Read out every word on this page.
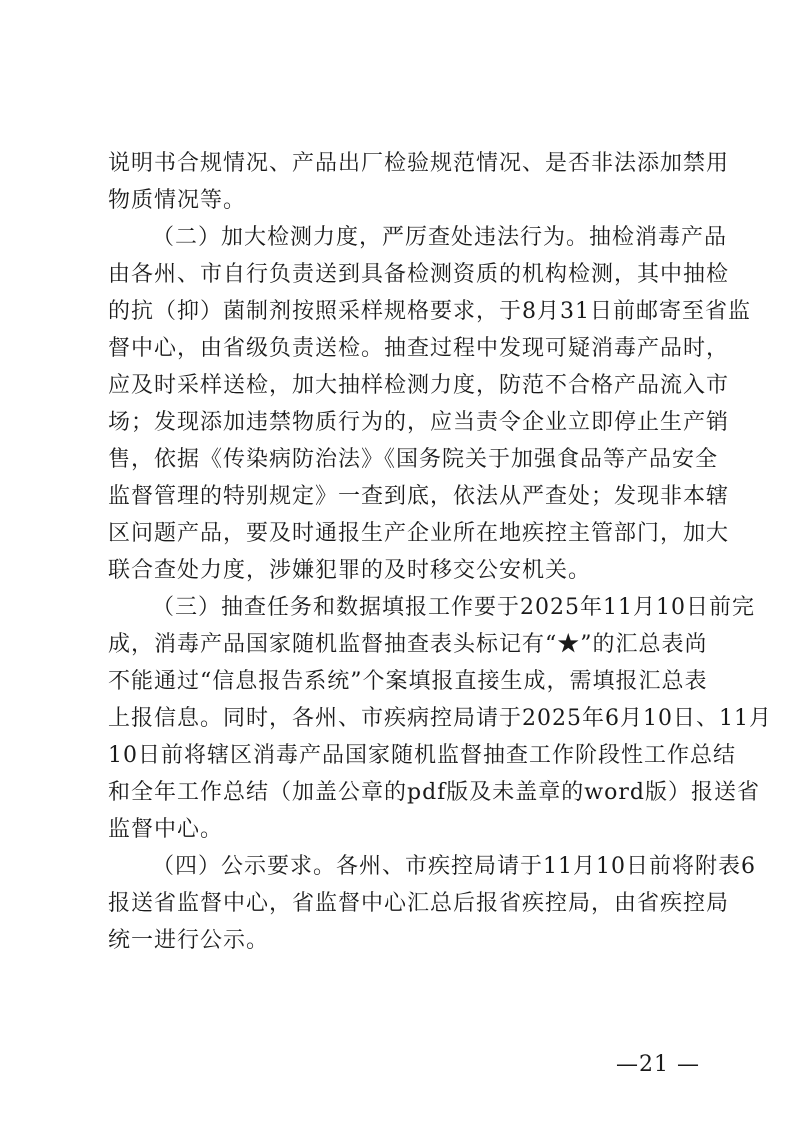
说明书合规情况、产品出厂检验规范情况、是否非法添加禁用
物质情况等。

（二）加大检测力度，严厉查处违法行为。抽检消毒产品
由各州、市自行负责送到具备检测资质的机构检测，其中抽检
的抗（抑）菌制剂按照采样规格要求，于8月31日前邮寄至省监
督中心，由省级负责送检。抽查过程中发现可疑消毒产品时，
应及时采样送检，加大抽样检测力度，防范不合格产品流入市
场；发现添加违禁物质行为的，应当责令企业立即停止生产销
售，依据《传染病防治法》《国务院关于加强食品等产品安全
监督管理的特别规定》一查到底，依法从严查处；发现非本辖
区问题产品，要及时通报生产企业所在地疾控主管部门，加大
联合查处力度，涉嫌犯罪的及时移交公安机关。

（三）抽查任务和数据填报工作要于2025年11月10日前完
成，消毒产品国家随机监督抽查表头标记有“★”的汇总表尚
不能通过“信息报告系统”个案填报直接生成，需填报汇总表
上报信息。同时，各州、市疾病控局请于2025年6月10日、11月
10日前将辖区消毒产品国家随机监督抽查工作阶段性工作总结
和全年工作总结（加盖公章的pdf版及未盖章的word版）报送省
监督中心。

（四）公示要求。各州、市疾控局请于11月10日前将附表6
报送省监督中心，省监督中心汇总后报省疾控局，由省疾控局
统一进行公示。

—21 —
